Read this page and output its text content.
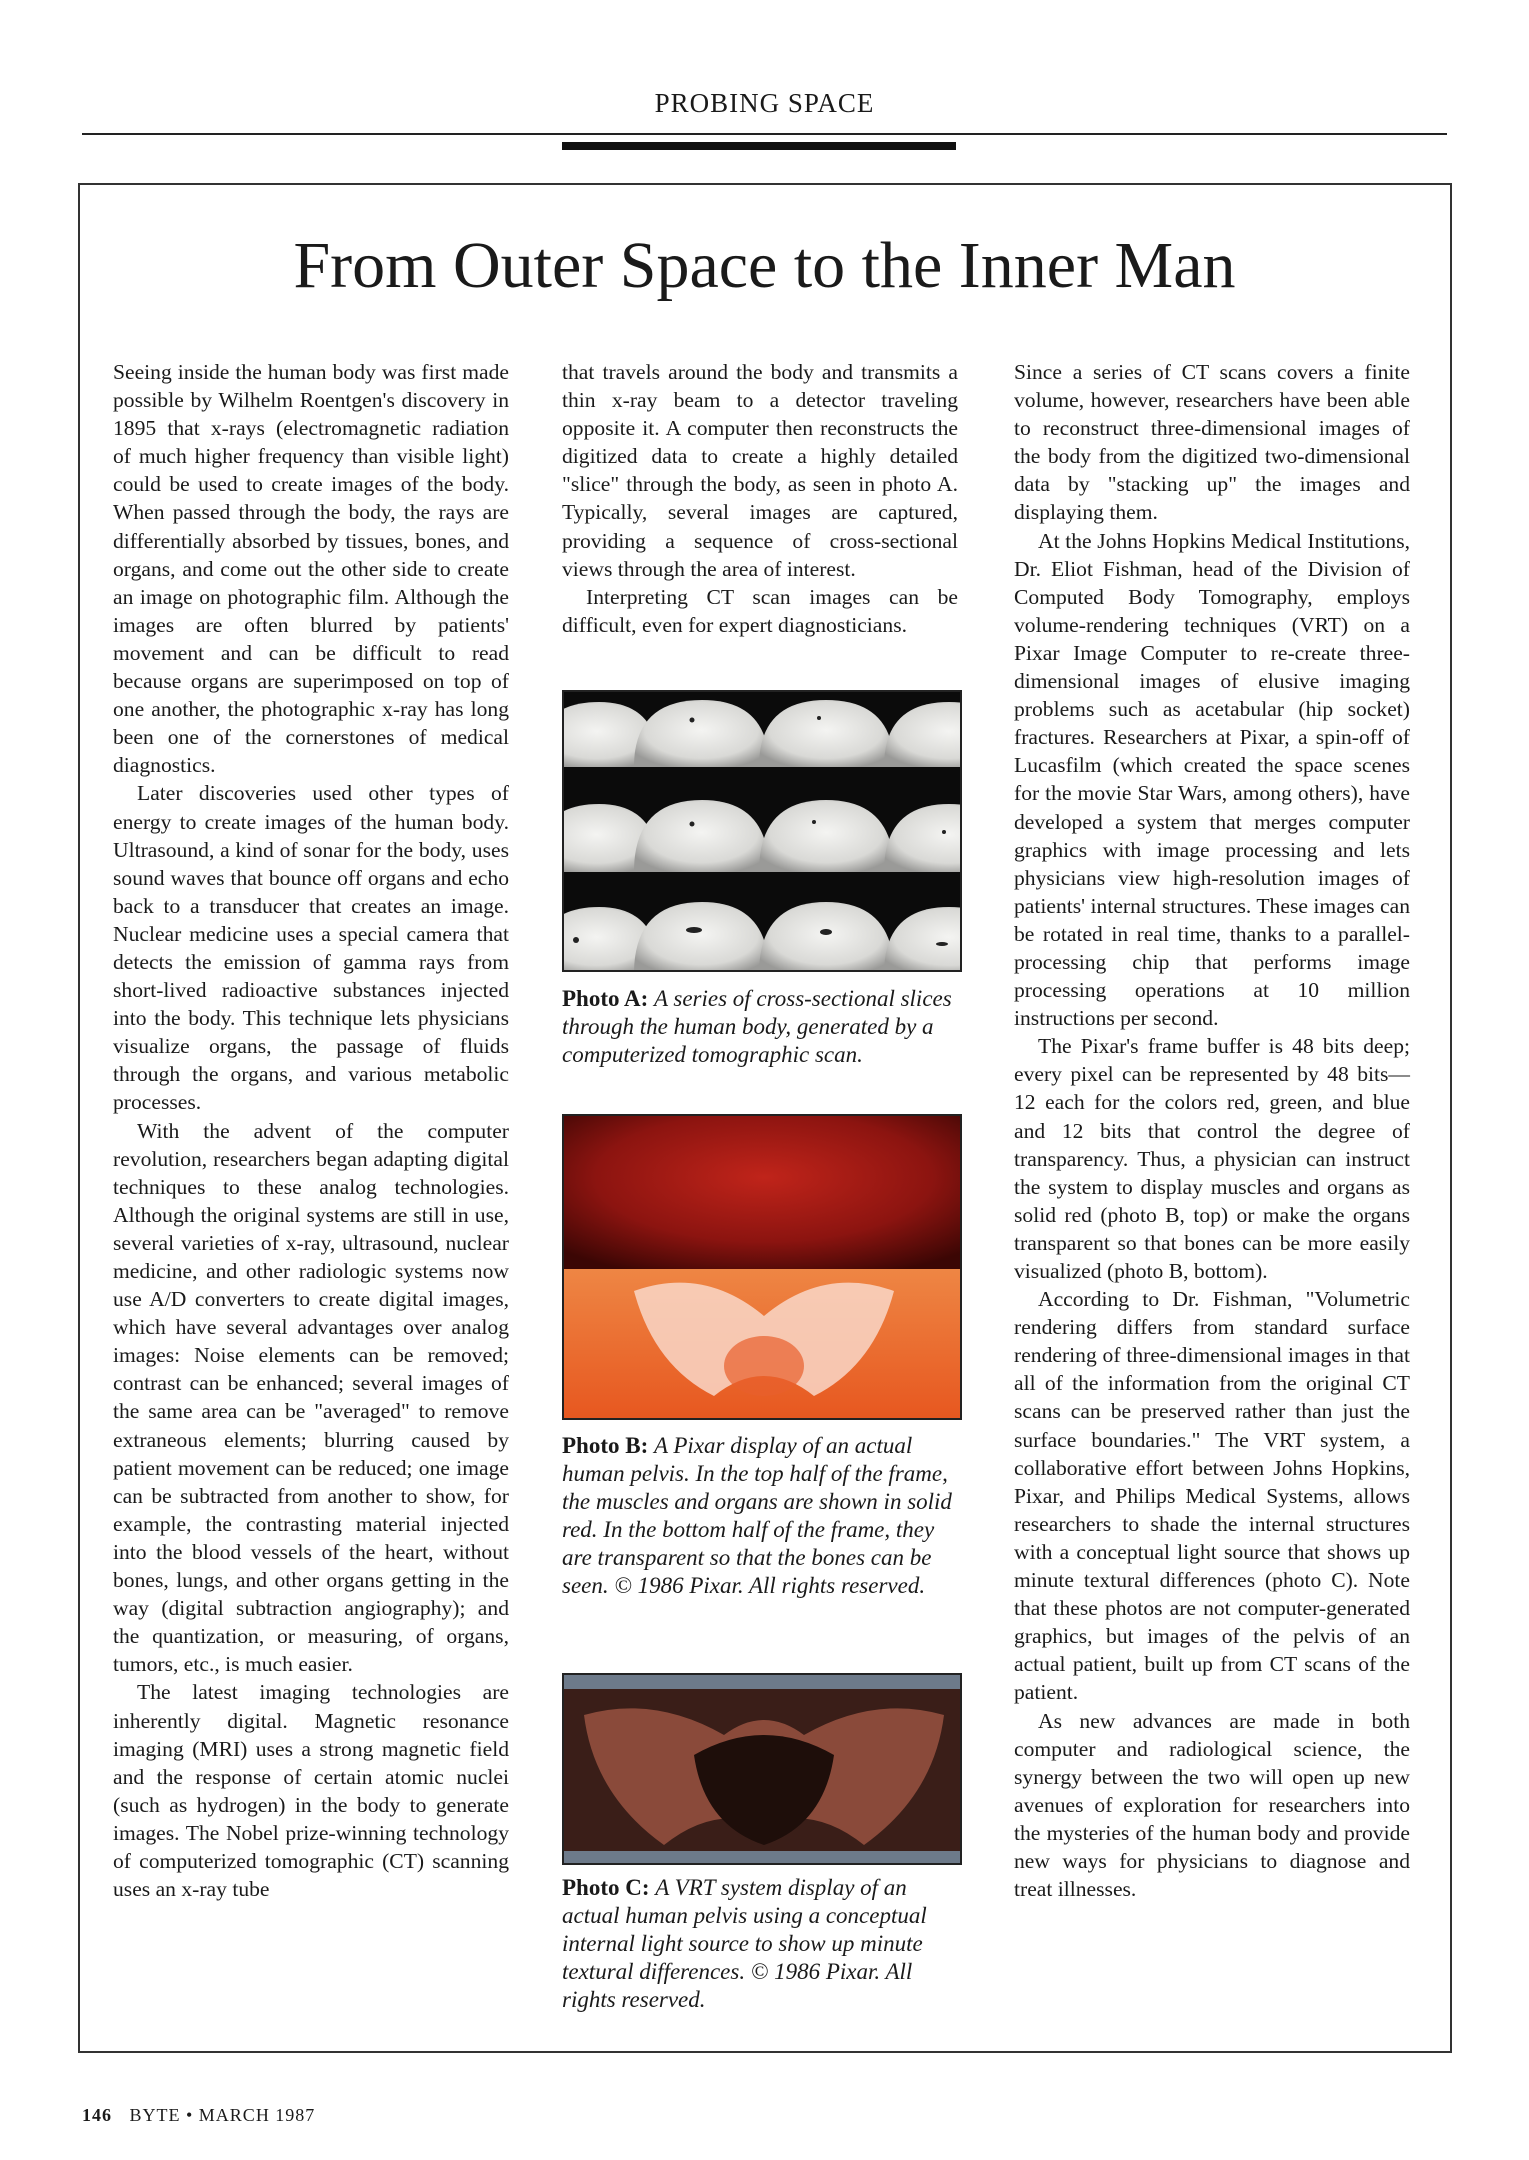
PROBING SPACE
From Outer Space to the Inner Man

Seeing inside the human body was first made possible by Wilhelm Roentgen's discovery in 1895 that x-rays (electromagnetic radiation of much higher frequency than visible light) could be used to create images of the body. When passed through the body, the rays are differentially absorbed by tissues, bones, and organs, and come out the other side to create an image on photographic film. Although the images are often blurred by patients' movement and can be difficult to read because organs are superimposed on top of one another, the photographic x-ray has long been one of the cornerstones of medical diagnostics.

Later discoveries used other types of energy to create images of the human body. Ultrasound, a kind of sonar for the body, uses sound waves that bounce off organs and echo back to a transducer that creates an image. Nuclear medicine uses a special camera that detects the emission of gamma rays from short-lived radioactive substances injected into the body. This technique lets physicians visualize organs, the passage of fluids through the organs, and various metabolic processes.

With the advent of the computer revolution, researchers began adapting digital techniques to these analog technologies. Although the original systems are still in use, several varieties of x-ray, ultrasound, nuclear medicine, and other radiologic systems now use A/D converters to create digital images, which have several advantages over analog images: Noise elements can be removed; contrast can be enhanced; several images of the same area can be "averaged" to remove extraneous elements; blurring caused by patient movement can be reduced; one image can be subtracted from another to show, for example, the contrasting material injected into the blood vessels of the heart, without bones, lungs, and other organs getting in the way (digital subtraction angiography); and the quantization, or measuring, of organs, tumors, etc., is much easier.

The latest imaging technologies are inherently digital. Magnetic resonance imaging (MRI) uses a strong magnetic field and the response of certain atomic nuclei (such as hydrogen) in the body to generate images. The Nobel prize-winning technology of computerized tomographic (CT) scanning uses an x-ray tube

that travels around the body and transmits a thin x-ray beam to a detector traveling opposite it. A computer then reconstructs the digitized data to create a highly detailed "slice" through the body, as seen in photo A. Typically, several images are captured, providing a sequence of cross-sectional views through the area of interest.

Interpreting CT scan images can be difficult, even for expert diagnosticians.

Photo A: A series of cross-sectional slices through the human body, generated by a computerized tomographic scan.
Photo B: A Pixar display of an actual human pelvis. In the top half of the frame, the muscles and organs are shown in solid red. In the bottom half of the frame, they are transparent so that the bones can be seen. © 1986 Pixar. All rights reserved.
Photo C: A VRT system display of an actual human pelvis using a conceptual internal light source to show up minute textural differences. © 1986 Pixar. All rights reserved.

Since a series of CT scans covers a finite volume, however, researchers have been able to reconstruct three-dimensional images of the body from the digitized two-dimensional data by "stacking up" the images and displaying them.

At the Johns Hopkins Medical Institutions, Dr. Eliot Fishman, head of the Division of Computed Body Tomography, employs volume-rendering techniques (VRT) on a Pixar Image Computer to re-create three-dimensional images of elusive imaging problems such as acetabular (hip socket) fractures. Researchers at Pixar, a spin-off of Lucasfilm (which created the space scenes for the movie Star Wars, among others), have developed a system that merges computer graphics with image processing and lets physicians view high-resolution images of patients' internal structures. These images can be rotated in real time, thanks to a parallel-processing chip that performs image processing operations at 10 million instructions per second.

The Pixar's frame buffer is 48 bits deep; every pixel can be represented by 48 bits—12 each for the colors red, green, and blue and 12 bits that control the degree of transparency. Thus, a physician can instruct the system to display muscles and organs as solid red (photo B, top) or make the organs transparent so that bones can be more easily visualized (photo B, bottom).

According to Dr. Fishman, "Volumetric rendering differs from standard surface rendering of three-dimensional images in that all of the information from the original CT scans can be preserved rather than just the surface boundaries." The VRT system, a collaborative effort between Johns Hopkins, Pixar, and Philips Medical Systems, allows researchers to shade the internal structures with a conceptual light source that shows up minute textural differences (photo C). Note that these photos are not computer-generated graphics, but images of the pelvis of an actual patient, built up from CT scans of the patient.

As new advances are made in both computer and radiological science, the synergy between the two will open up new avenues of exploration for researchers into the mysteries of the human body and provide new ways for physicians to diagnose and treat illnesses.

146 BYTE • MARCH 1987
